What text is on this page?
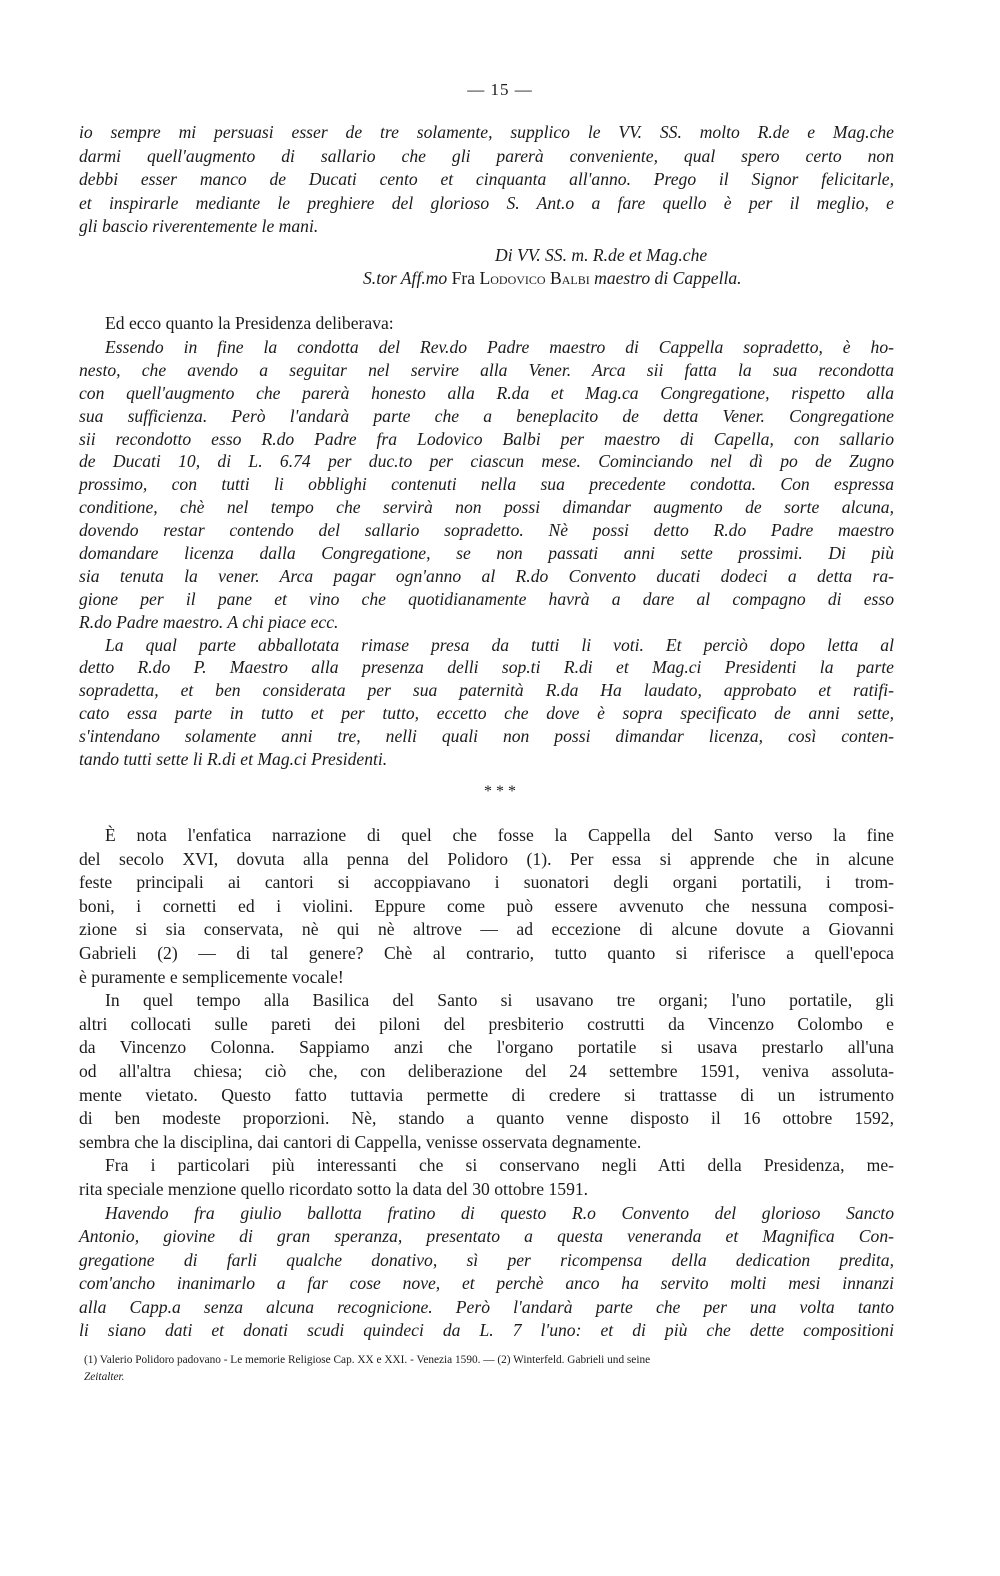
— 15 —
io sempre mi persuasi esser de tre solamente, supplico le VV. SS. molto R.de e Mag.che
darmi quell'augmento di sallario che gli parerà conveniente, qual spero certo non
debbi esser manco de Ducati cento et cinquanta all'anno. Prego il Signor felicitarle,
et inspirarle mediante le preghiere del glorioso S. Ant.o a fare quello è per il meglio, e
gli bascio riverentemente le mani.
Di VV. SS. m. R.de et Mag.che
S.tor Aff.mo Fra Lodovico Balbi maestro di Cappella.
Ed ecco quanto la Presidenza deliberava:
Essendo in fine la condotta del Rev.do Padre maestro di Cappella sopradetto, è ho-
nesto, che avendo a seguitar nel servire alla Vener. Arca sii fatta la sua recondotta
con quell'augmento che parerà honesto alla R.da et Mag.ca Congregatione, rispetto alla
sua sufficienza. Però l'andarà parte che a beneplacito de detta Vener. Congregatione
sii recondotto esso R.do Padre fra Lodovico Balbi per maestro di Capella, con sallario
de Ducati 10, di L. 6.74 per duc.to per ciascun mese. Cominciando nel dì po de Zugno
prossimo, con tutti li obblighi contenuti nella sua precedente condotta. Con espressa
conditione, chè nel tempo che servirà non possi dimandar augmento de sorte alcuna,
dovendo restar contendo del sallario sopradetto. Nè possi detto R.do Padre maestro
domandare licenza dalla Congregatione, se non passati anni sette prossimi. Di più
sia tenuta la vener. Arca pagar ogn'anno al R.do Convento ducati dodeci a detta ra-
gione per il pane et vino che quotidianamente havrà a dare al compagno di esso
R.do Padre maestro. A chi piace ecc.
La qual parte abballotata rimase presa da tutti li voti. Et perciò dopo letta al
detto R.do P. Maestro alla presenza delli sop.ti R.di et Mag.ci Presidenti la parte
sopradetta, et ben considerata per sua paternità R.da Ha laudato, approbato et ratifi-
cato essa parte in tutto et per tutto, eccetto che dove è sopra specificato de anni sette,
s'intendano solamente anni tre, nelli quali non possi dimandar licenza, così conten-
tando tutti sette li R.di et Mag.ci Presidenti.
* * *
È nota l'enfatica narrazione di quel che fosse la Cappella del Santo verso la fine
del secolo XVI, dovuta alla penna del Polidoro (1). Per essa si apprende che in alcune
feste principali ai cantori si accoppiavano i suonatori degli organi portatili, i trom-
boni, i cornetti ed i violini. Eppure come può essere avvenuto che nessuna composi-
zione si sia conservata, nè qui nè altrove — ad eccezione di alcune dovute a Giovanni
Gabrieli (2) — di tal genere? Chè al contrario, tutto quanto si riferisce a quell'epoca
è puramente e semplicemente vocale!
In quel tempo alla Basilica del Santo si usavano tre organi; l'uno portatile, gli
altri collocati sulle pareti dei piloni del presbiterio costrutti da Vincenzo Colombo e
da Vincenzo Colonna. Sappiamo anzi che l'organo portatile si usava prestarlo all'una
od all'altra chiesa; ciò che, con deliberazione del 24 settembre 1591, veniva assoluta-
mente vietato. Questo fatto tuttavia permette di credere si trattasse di un istrumento
di ben modeste proporzioni. Nè, stando a quanto venne disposto il 16 ottobre 1592,
sembra che la disciplina, dai cantori di Cappella, venisse osservata degnamente.
Fra i particolari più interessanti che si conservano negli Atti della Presidenza, me-
rita speciale menzione quello ricordato sotto la data del 30 ottobre 1591.
Havendo fra giulio ballotta fratino di questo R.o Convento del glorioso Sancto
Antonio, giovine di gran speranza, presentato a questa veneranda et Magnifica Con-
gregatione di farli qualche donativo, sì per ricompensa della dedication predita,
com'ancho inanimarlo a far cose nove, et perchè anco ha servito molti mesi innanzi
alla Capp.a senza alcuna recognicione. Però l'andarà parte che per una volta tanto
li siano dati et donati scudi quindeci da L. 7 l'uno: et di più che dette compositioni
(1) Valerio Polidoro padovano - Le memorie Religiose Cap. XX e XXI. - Venezia 1590. — (2) Winterfeld. Gabrieli und seine
Zeitalter.
